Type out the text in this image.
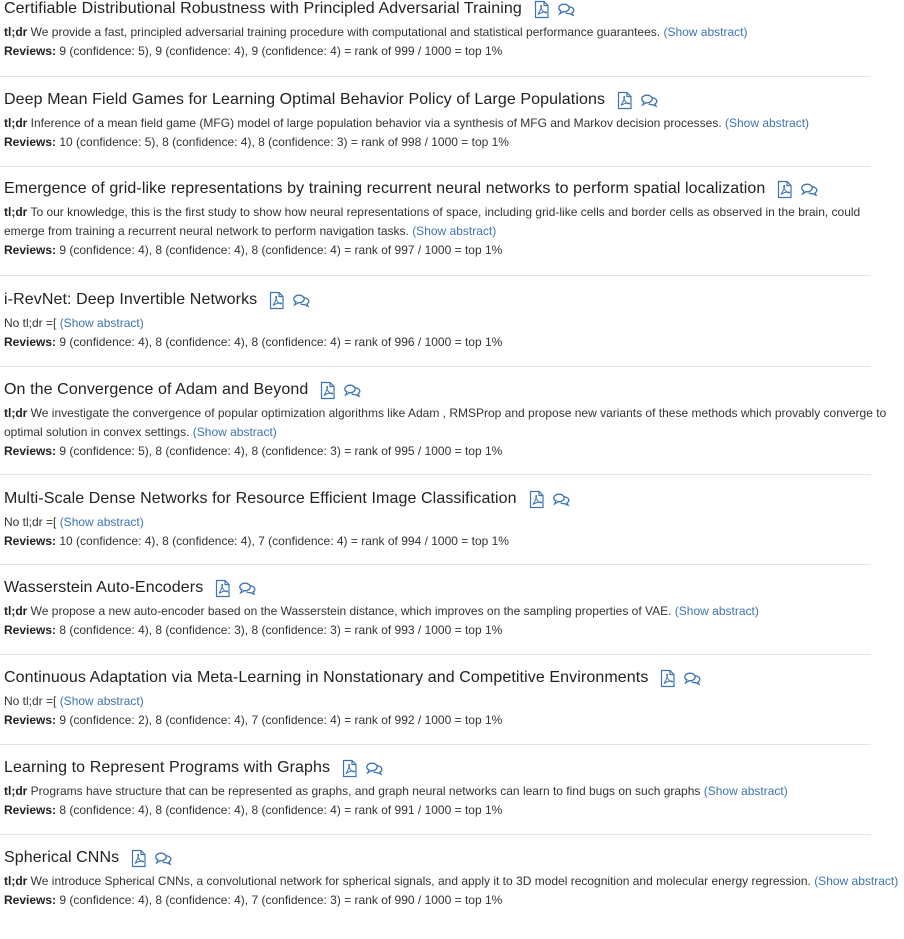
Certifiable Distributional Robustness with Principled Adversarial Training
tl;dr We provide a fast, principled adversarial training procedure with computational and statistical performance guarantees. (Show abstract)
Reviews: 9 (confidence: 5), 9 (confidence: 4), 9 (confidence: 4) = rank of 999 / 1000 = top 1%
Deep Mean Field Games for Learning Optimal Behavior Policy of Large Populations
tl;dr Inference of a mean field game (MFG) model of large population behavior via a synthesis of MFG and Markov decision processes. (Show abstract)
Reviews: 10 (confidence: 5), 8 (confidence: 4), 8 (confidence: 3) = rank of 998 / 1000 = top 1%
Emergence of grid-like representations by training recurrent neural networks to perform spatial localization
tl;dr To our knowledge, this is the first study to show how neural representations of space, including grid-like cells and border cells as observed in the brain, could emerge from training a recurrent neural network to perform navigation tasks. (Show abstract)
Reviews: 9 (confidence: 4), 8 (confidence: 4), 8 (confidence: 4) = rank of 997 / 1000 = top 1%
i-RevNet: Deep Invertible Networks
No tl;dr =[ (Show abstract)
Reviews: 9 (confidence: 4), 8 (confidence: 4), 8 (confidence: 4) = rank of 996 / 1000 = top 1%
On the Convergence of Adam and Beyond
tl;dr We investigate the convergence of popular optimization algorithms like Adam , RMSProp and propose new variants of these methods which provably converge to optimal solution in convex settings. (Show abstract)
Reviews: 9 (confidence: 5), 8 (confidence: 4), 8 (confidence: 3) = rank of 995 / 1000 = top 1%
Multi-Scale Dense Networks for Resource Efficient Image Classification
No tl;dr =[ (Show abstract)
Reviews: 10 (confidence: 4), 8 (confidence: 4), 7 (confidence: 4) = rank of 994 / 1000 = top 1%
Wasserstein Auto-Encoders
tl;dr We propose a new auto-encoder based on the Wasserstein distance, which improves on the sampling properties of VAE. (Show abstract)
Reviews: 8 (confidence: 4), 8 (confidence: 3), 8 (confidence: 3) = rank of 993 / 1000 = top 1%
Continuous Adaptation via Meta-Learning in Nonstationary and Competitive Environments
No tl;dr =[ (Show abstract)
Reviews: 9 (confidence: 2), 8 (confidence: 4), 7 (confidence: 4) = rank of 992 / 1000 = top 1%
Learning to Represent Programs with Graphs
tl;dr Programs have structure that can be represented as graphs, and graph neural networks can learn to find bugs on such graphs (Show abstract)
Reviews: 8 (confidence: 4), 8 (confidence: 4), 8 (confidence: 4) = rank of 991 / 1000 = top 1%
Spherical CNNs
tl;dr We introduce Spherical CNNs, a convolutional network for spherical signals, and apply it to 3D model recognition and molecular energy regression. (Show abstract)
Reviews: 9 (confidence: 4), 8 (confidence: 4), 7 (confidence: 3) = rank of 990 / 1000 = top 1%
